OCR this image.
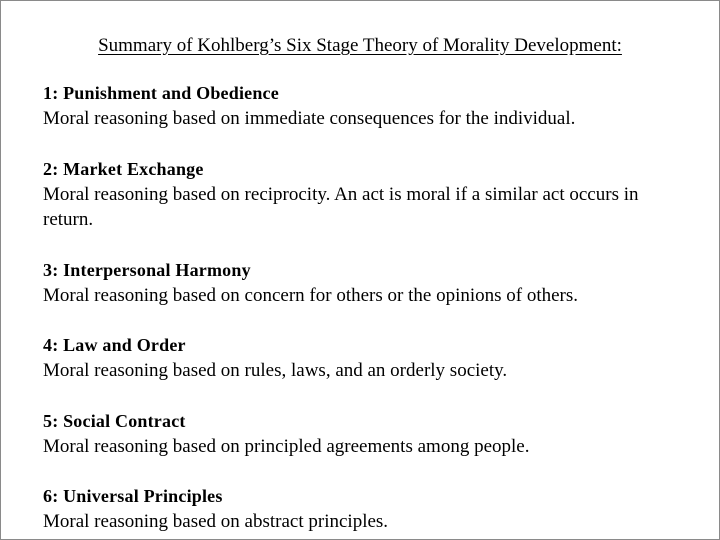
Summary of Kohlberg’s Six Stage Theory of Morality Development:
1: Punishment and Obedience
Moral reasoning based on immediate consequences for the individual.
2: Market Exchange
Moral reasoning based on reciprocity. An act is moral if a similar act occurs in return.
3: Interpersonal Harmony
Moral reasoning based on concern for others or the opinions of others.
4: Law and Order
Moral reasoning based on rules, laws, and an orderly society.
5: Social Contract
Moral reasoning based on principled agreements among people.
6: Universal Principles
Moral reasoning based on abstract principles.
